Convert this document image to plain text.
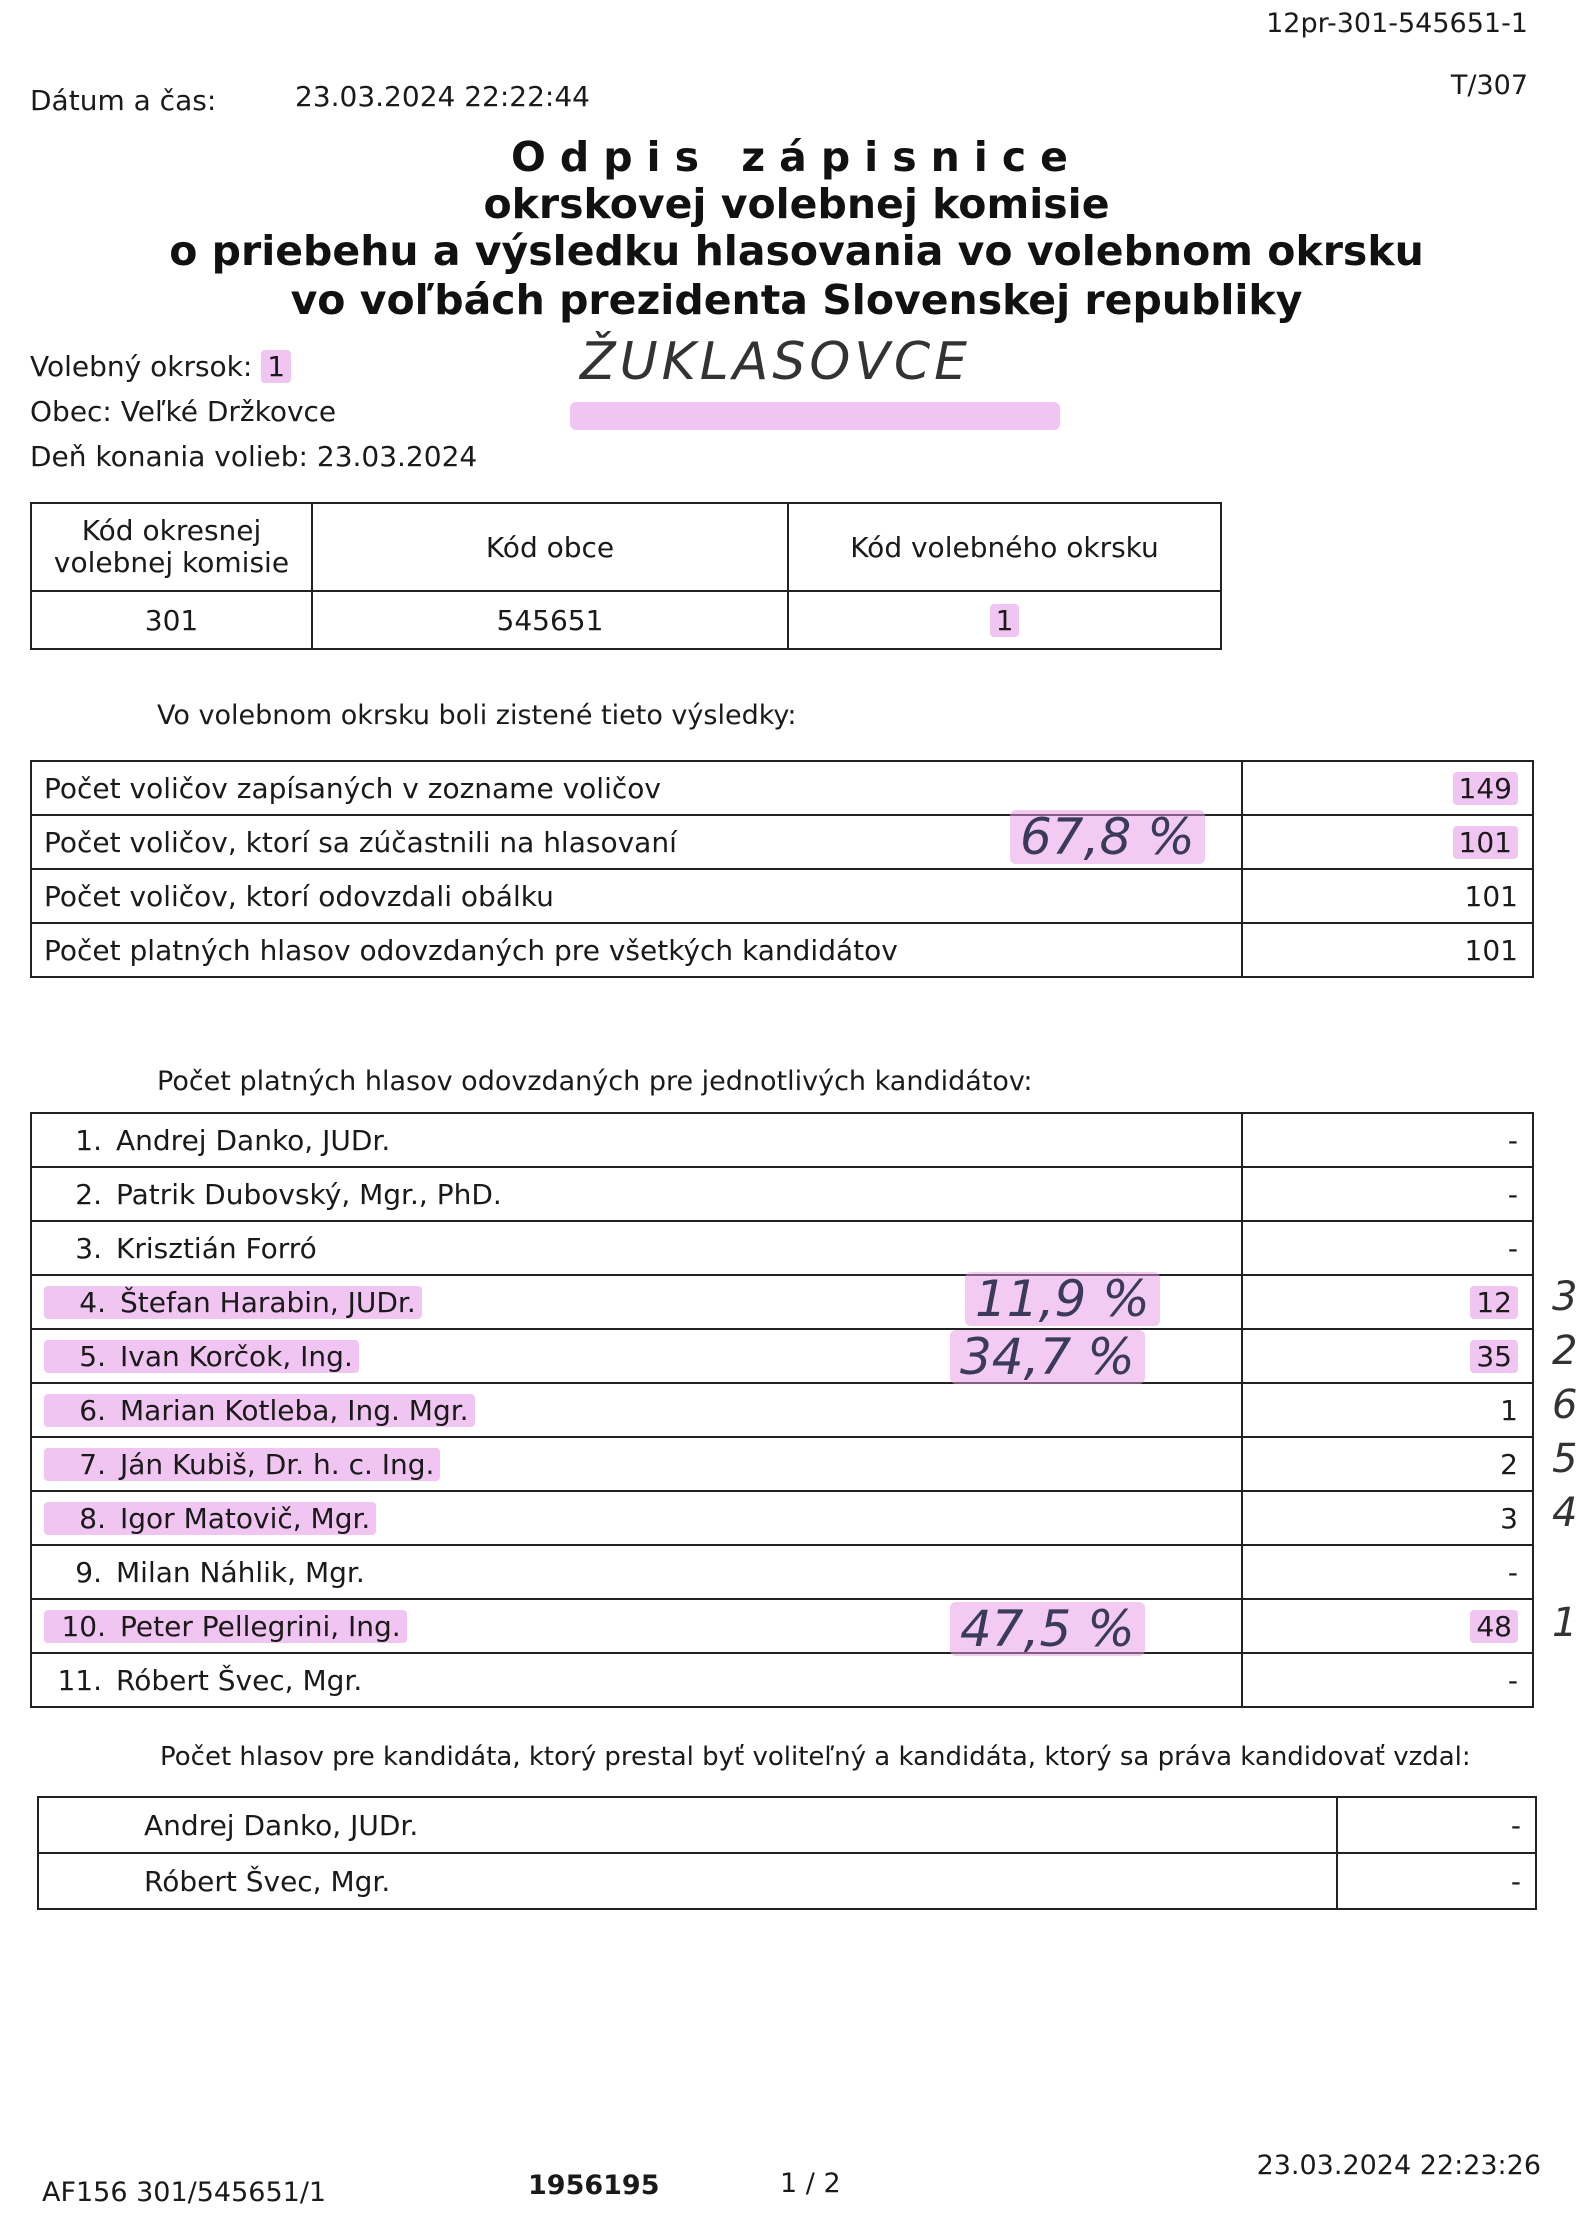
12pr-301-545651-1
T/307
Dátum a čas:	23.03.2024 22:22:44
Odpis zápisnice
okrskovej volebnej komisie
o priebehu a výsledku hlasovania vo volebnom okrsku
vo voľbách prezidenta Slovenskej republiky
Volebný okrsok: 1	ŽUKLASOVCE
Obec: Veľké Držkovce
Deň konania volieb: 23.03.2024
Kód okresnej volebnej komisie	Kód obce	Kód volebného okrsku
301	545651	1
Vo volebnom okrsku boli zistené tieto výsledky:
Počet voličov zapísaných v zozname voličov	149
Počet voličov, ktorí sa zúčastnili na hlasovaní	101
Počet voličov, ktorí odovzdali obálku	101
Počet platných hlasov odovzdaných pre všetkých kandidátov	101
67,8 %
Počet platných hlasov odovzdaných pre jednotlivých kandidátov:
1. Andrej Danko, JUDr.	-
2. Patrik Dubovský, Mgr., PhD.	-
3. Krisztián Forró	-
4. Štefan Harabin, JUDr.	12
5. Ivan Korčok, Ing.	35
6. Marian Kotleba, Ing. Mgr.	1
7. Ján Kubiš, Dr. h. c. Ing.	2
8. Igor Matovič, Mgr.	3
9. Milan Náhlik, Mgr.	-
10. Peter Pellegrini, Ing.	48
11. Róbert Švec, Mgr.	-
11,9 %
34,7 %
47,5 %
3
2
6
5
4
1
Počet hlasov pre kandidáta, ktorý prestal byť voliteľný a kandidáta, ktorý sa práva kandidovať vzdal:
Andrej Danko, JUDr.	-
Róbert Švec, Mgr.	-
AF156 301/545651/1	1956195	1 / 2
23.03.2024 22:23:26
